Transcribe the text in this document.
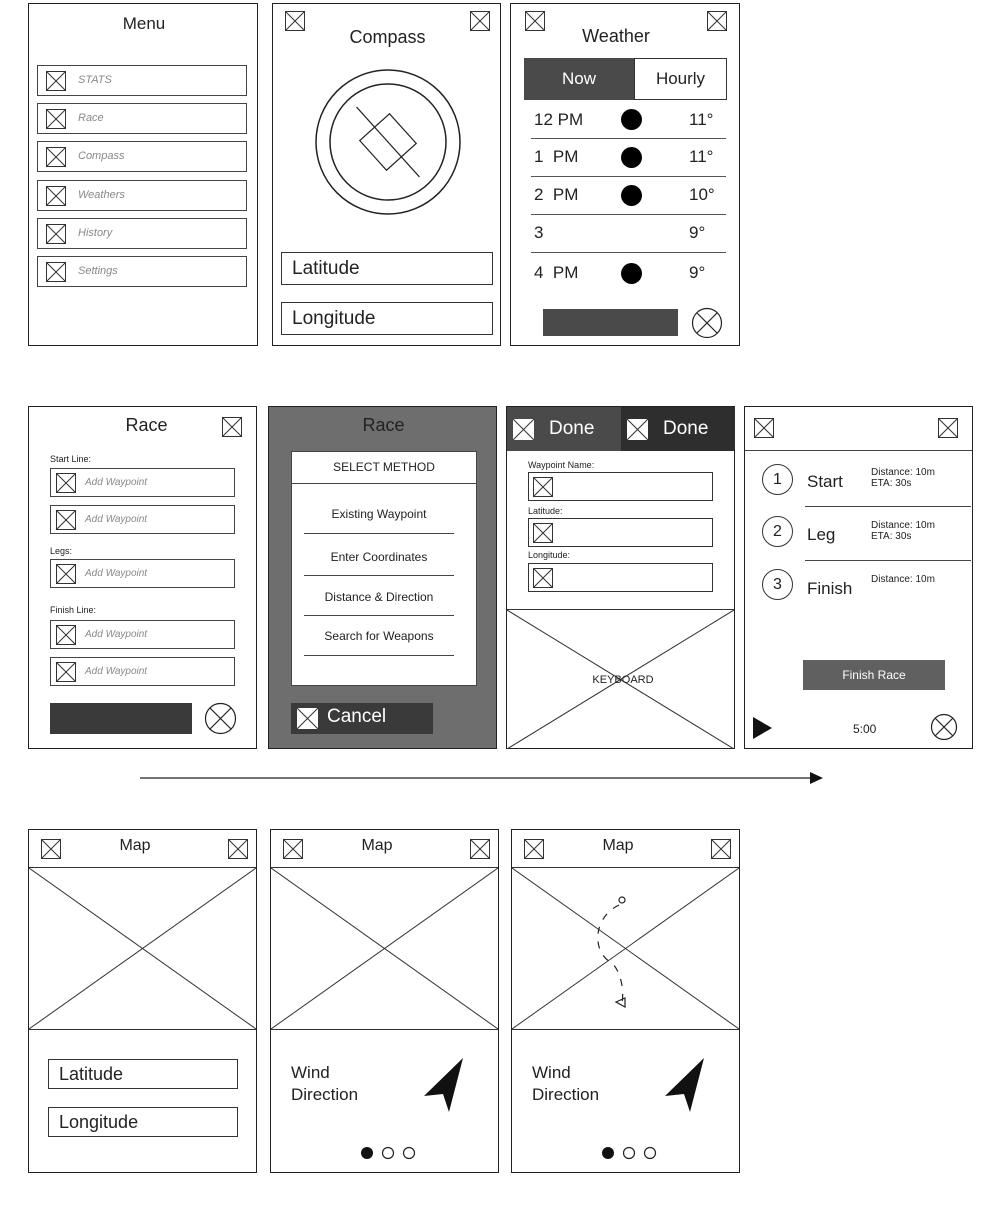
Menu
STATS
Race
Compass
Weathers
History
Settings
Compass
Latitude
Longitude
Weather
Now	Hourly
12 PM	11°
1  PM	11°
2  PM	10°
3	9°
4  PM	9°
Race
Start Line:
Add Waypoint
Add Waypoint
Legs:
Add Waypoint
Finish Line:
Add Waypoint
Add Waypoint
Race
SELECT METHOD
Existing Waypoint
Enter Coordinates
Distance & Direction
Search for Weapons
Cancel
Done	Done
Waypoint Name:
Latitude:
Longitude:
KEYBOARD
1	Start	Distance: 10m
ETA: 30s
2	Leg	Distance: 10m
ETA: 30s
3	Finish Distance: 10m
Finish Race
5:00
Map
Latitude
Longitude
Map
Wind
Direction
Map
Wind
Direction
